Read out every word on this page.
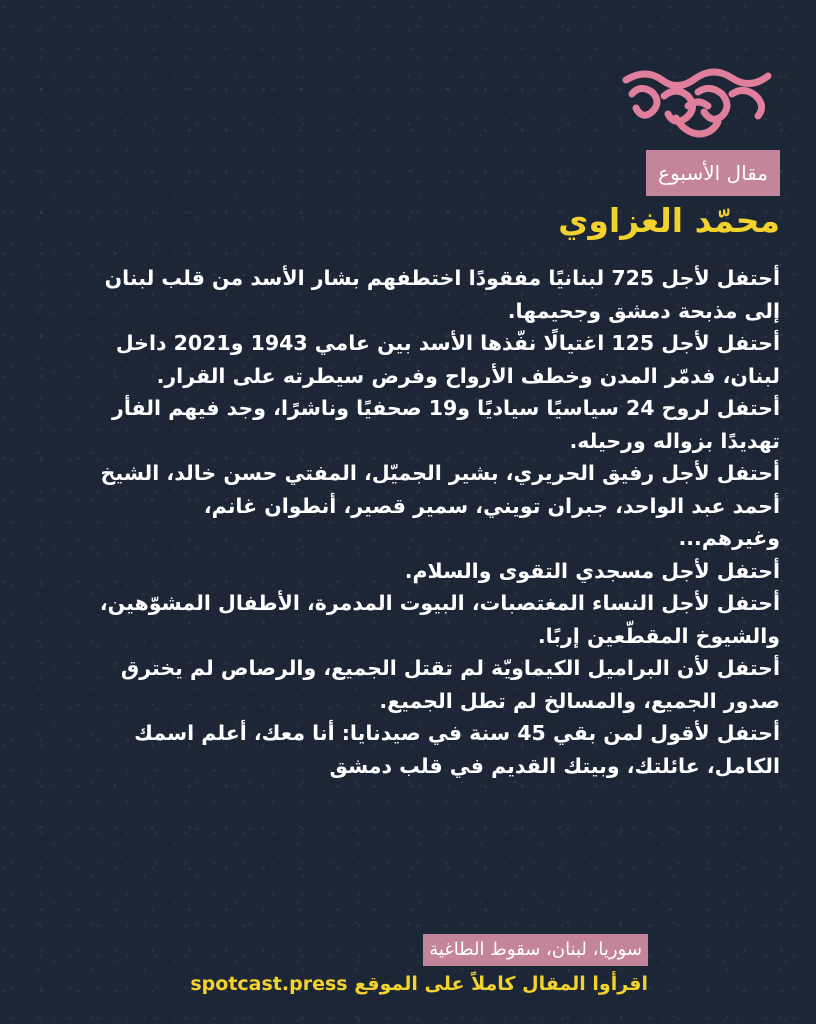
مقال الأسبوع
محمّد الغزاوي

أحتفل لأجل 725 لبنانيًا مفقودًا اختطفهم بشار الأسد من قلب لبنان إلى مذبحة دمشق وجحيمها.

أحتفل لأجل 125 اغتيالًا نفّذها الأسد بين عامي 1943 و2021 داخل لبنان، فدمّر المدن وخطف الأرواح وفرض سيطرته على القرار.

أحتفل لروح 24 سياسيًا سياديًا و19 صحفيًا وناشرًا، وجد فيهم الفأر تهديدًا بزواله ورحيله.

أحتفل لأجل رفيق الحريري، بشير الجميّل، المفتي حسن خالد، الشيخ أحمد عبد الواحد، جبران تويني، سمير قصير، أنطوان غانم، وغيرهم...

أحتفل لأجل مسجدي التقوى والسلام.

أحتفل لأجل النساء المغتصبات، البيوت المدمرة، الأطفال المشوّهين، والشيوخ المقطّعين إربًا.

أحتفل لأن البراميل الكيماويّة لم تقتل الجميع، والرصاص لم يخترق صدور الجميع، والمسالخ لم تطل الجميع.

أحتفل لأقول لمن بقي 45 سنة في صيدنايا: أنا معك، أعلم اسمك الكامل، عائلتك، وبيتك القديم في قلب دمشق

سوريا، لبنان، سقوط الطاغية
اقرأوا المقال كاملاً على الموقع spotcast.press
